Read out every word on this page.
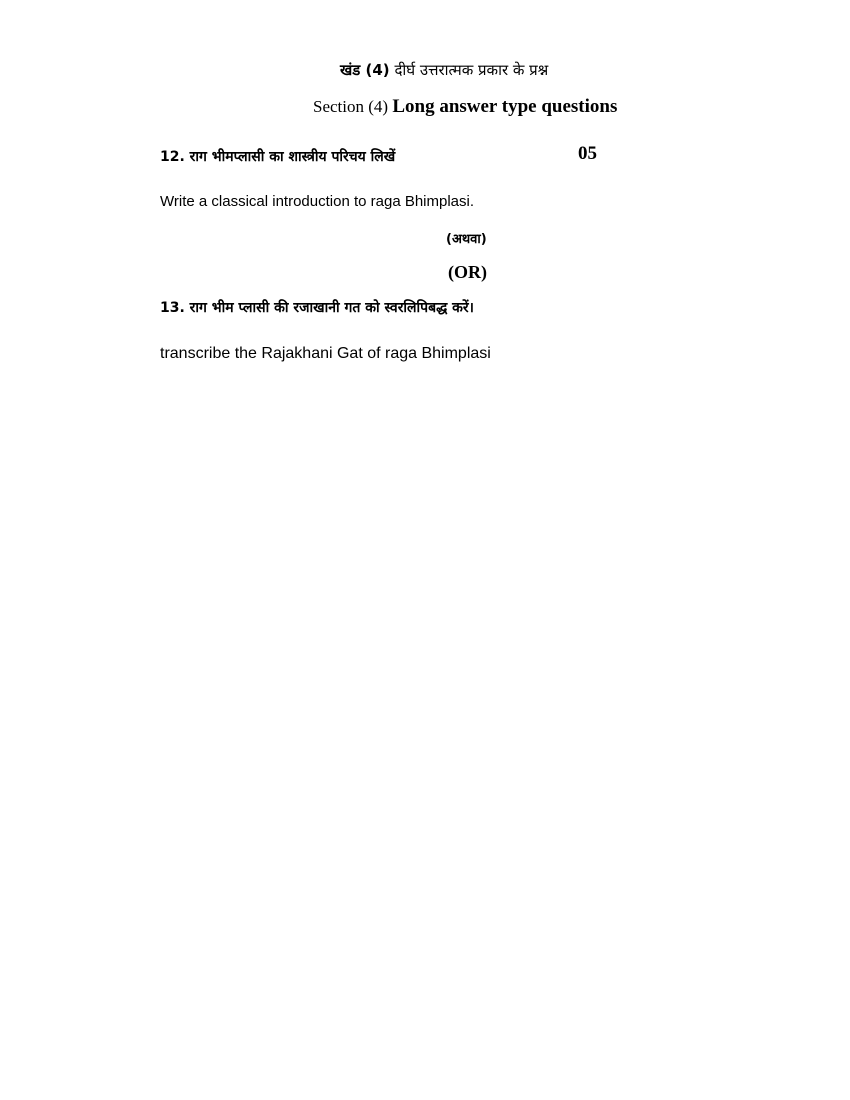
खंड (4) दीर्घ उत्तरात्मक प्रकार के प्रश्न
Section (4) Long answer type questions
12. राग भीमप्लासी का शास्त्रीय परिचय लिखें	05
Write a classical introduction to raga Bhimplasi.
(अथवा)
(OR)
13. राग भीम प्लासी की रजाखानी गत को स्वरलिपिबद्ध करें।
transcribe the Rajakhani Gat of raga Bhimplasi
